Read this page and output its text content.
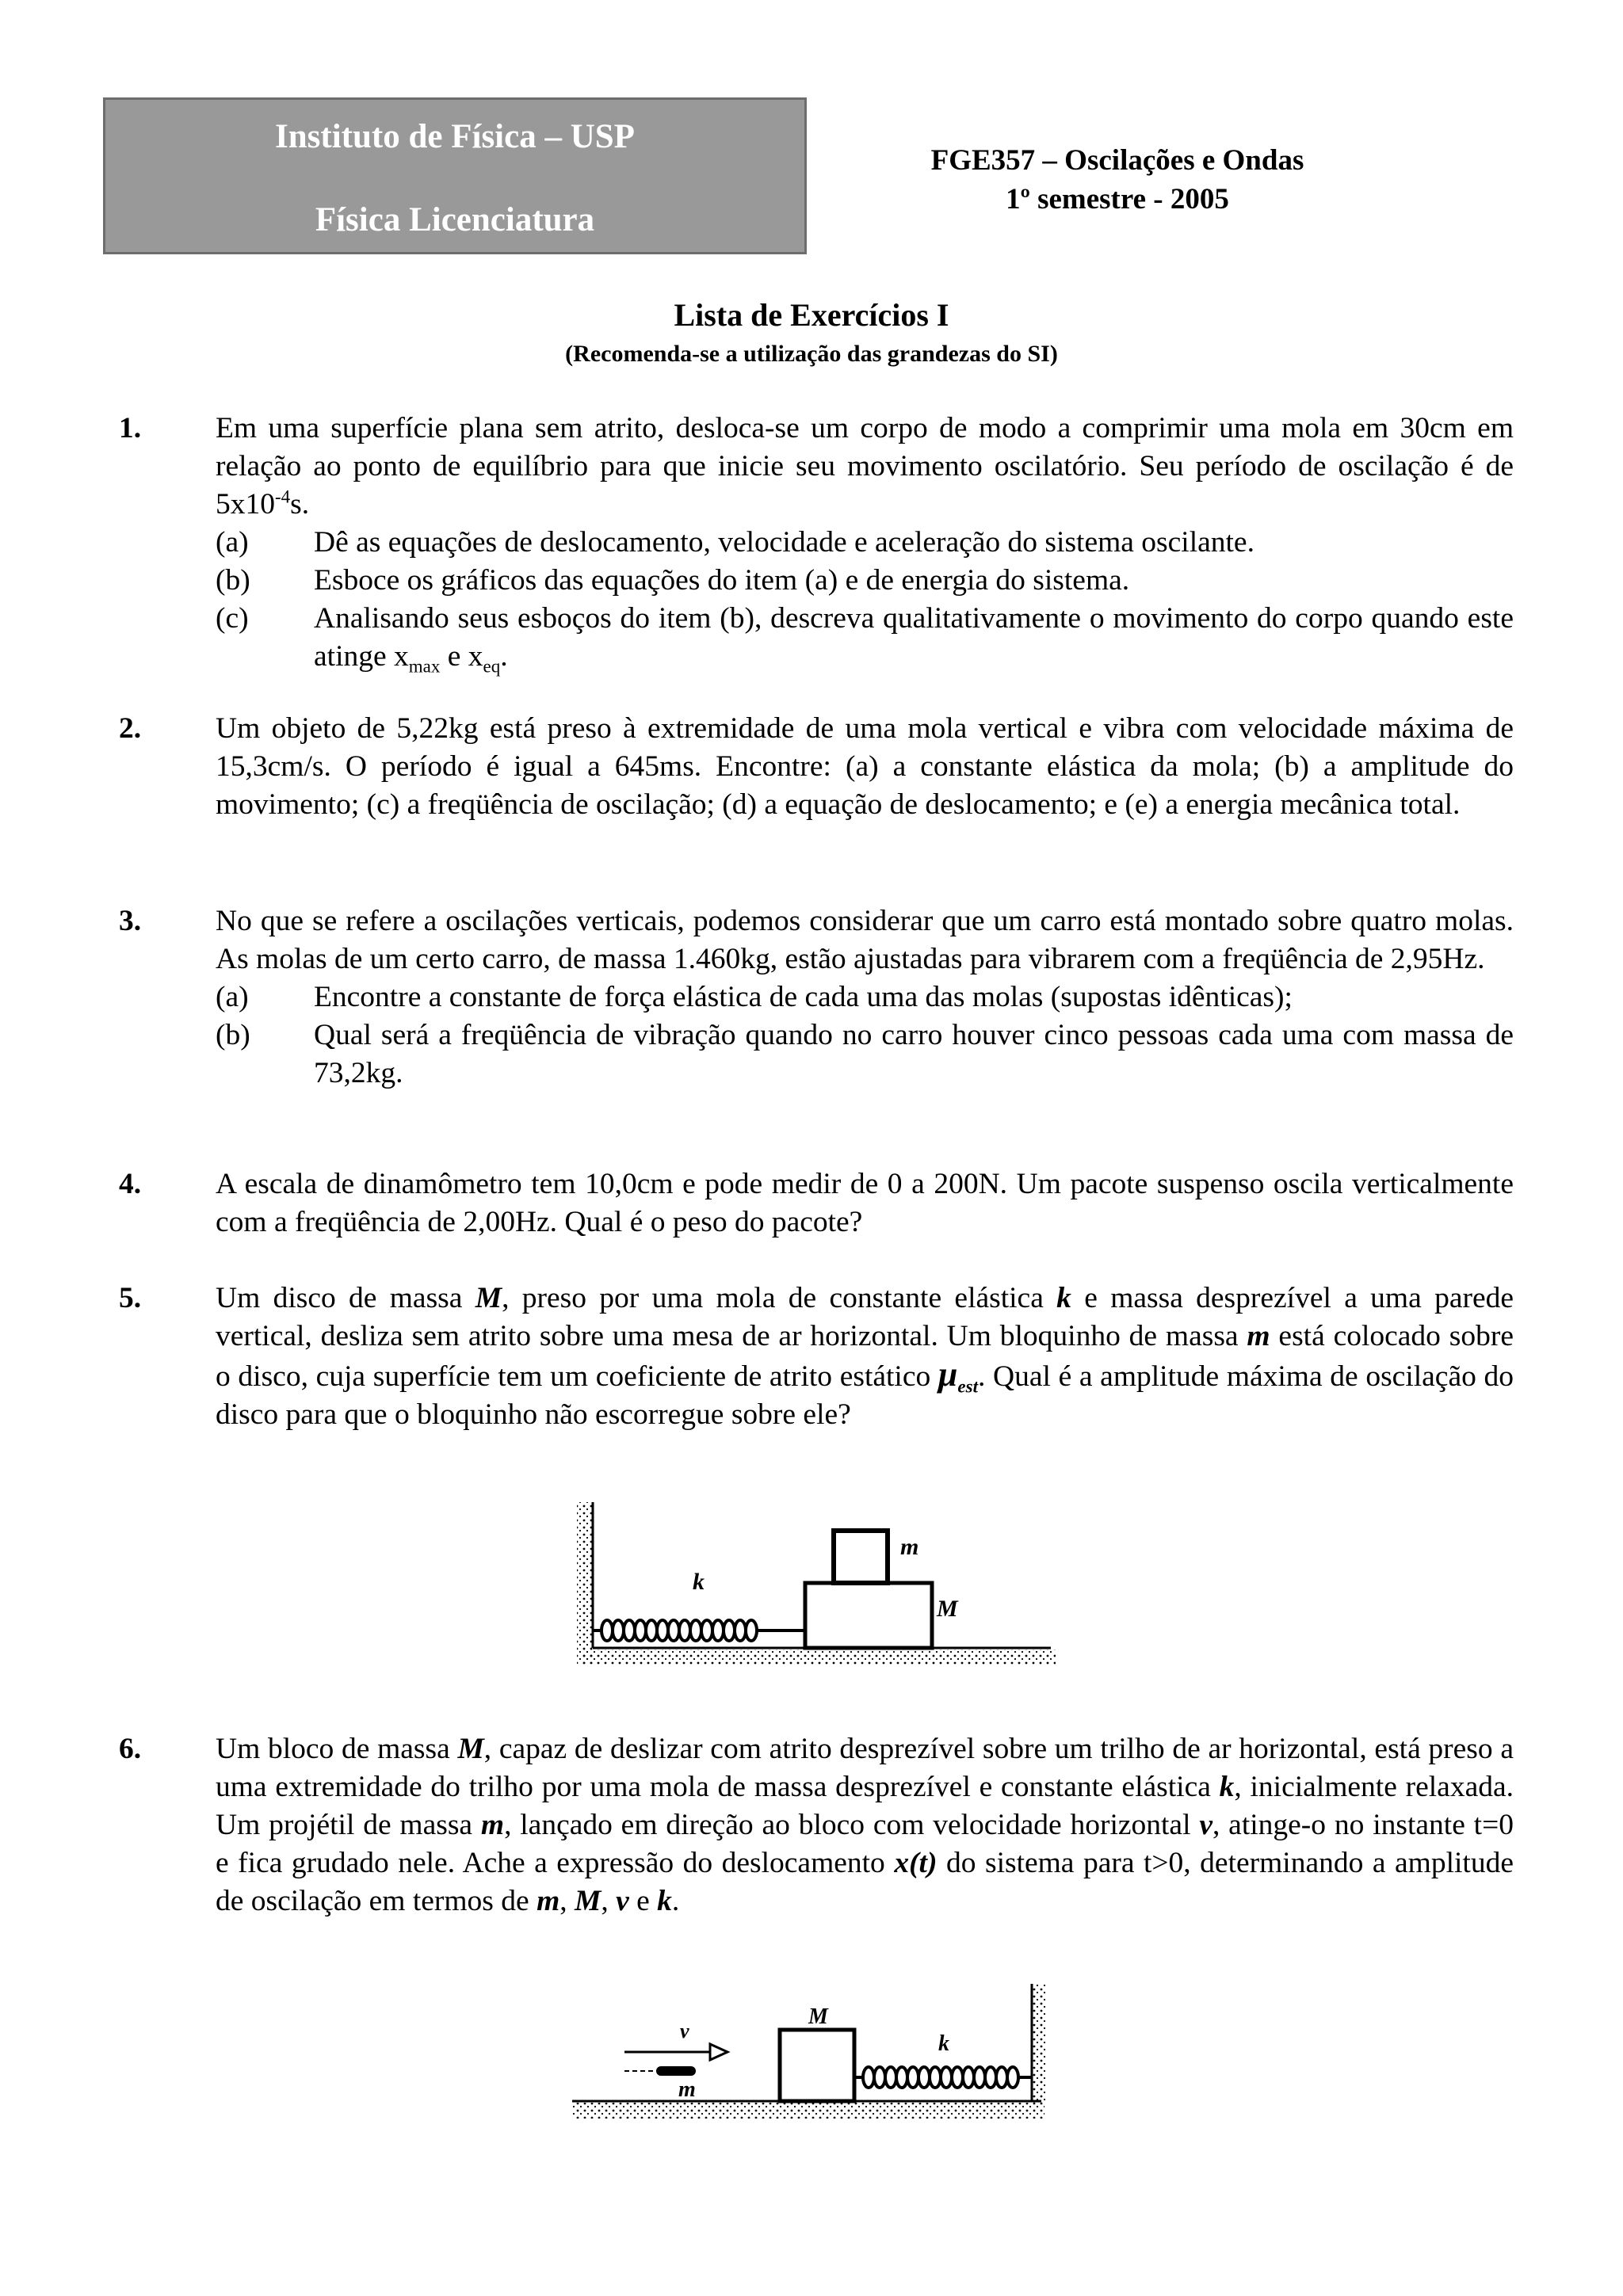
Instituto de Física – USP
Física Licenciatura
FGE357 – Oscilações e Ondas
1º semestre - 2005
Lista de Exercícios I
(Recomenda-se a utilização das grandezas do SI)
1.	Em uma superfície plana sem atrito, desloca-se um corpo de modo a comprimir uma mola em 30cm em relação ao ponto de equilíbrio para que inicie seu movimento oscilatório. Seu período de oscilação é de $5x10^{-4}s$.
(a) Dê as equações de deslocamento, velocidade e aceleração do sistema oscilante.
(b) Esboce os gráficos das equações do item (a) e de energia do sistema.
(c) Analisando seus esboços do item (b), descreva qualitativamente o movimento do corpo quando este atinge $x_{max}$ e $x_{eq}$.
2.	Um objeto de 5,22kg está preso à extremidade de uma mola vertical e vibra com velocidade máxima de 15,3cm/s. O período é igual a 645ms. Encontre: (a) a constante elástica da mola; (b) a amplitude do movimento; (c) a freqüência de oscilação; (d) a equação de deslocamento; e (e) a energia mecânica total.
3.	No que se refere a oscilações verticais, podemos considerar que um carro está montado sobre quatro molas. As molas de um certo carro, de massa 1.460kg, estão ajustadas para vibrarem com a freqüência de 2,95Hz.
(a) Encontre a constante de força elástica de cada uma das molas (supostas idênticas);
(b) Qual será a freqüência de vibração quando no carro houver cinco pessoas cada uma com massa de 73,2kg.
4.	A escala de dinamômetro tem 10,0cm e pode medir de 0 a 200N. Um pacote suspenso oscila verticalmente com a freqüência de 2,00Hz. Qual é o peso do pacote?
5.	Um disco de massa M, preso por uma mola de constante elástica k e massa desprezível a uma parede vertical, desliza sem atrito sobre uma mesa de ar horizontal. Um bloquinho de massa m está colocado sobre o disco, cuja superfície tem um coeficiente de atrito estático $\mu_{est}$. Qual é a amplitude máxima de oscilação do disco para que o bloquinho não escorregue sobre ele?
k
M
m
6.	Um bloco de massa M, capaz de deslizar com atrito desprezível sobre um trilho de ar horizontal, está preso a uma extremidade do trilho por uma mola de massa desprezível e constante elástica k, inicialmente relaxada. Um projétil de massa m, lançado em direção ao bloco com velocidade horizontal v, atinge-o no instante t=0 e fica grudado nele. Ache a expressão do deslocamento x(t) do sistema para t>0, determinando a amplitude de oscilação em termos de m, M, v e k.
v
m
M
k
